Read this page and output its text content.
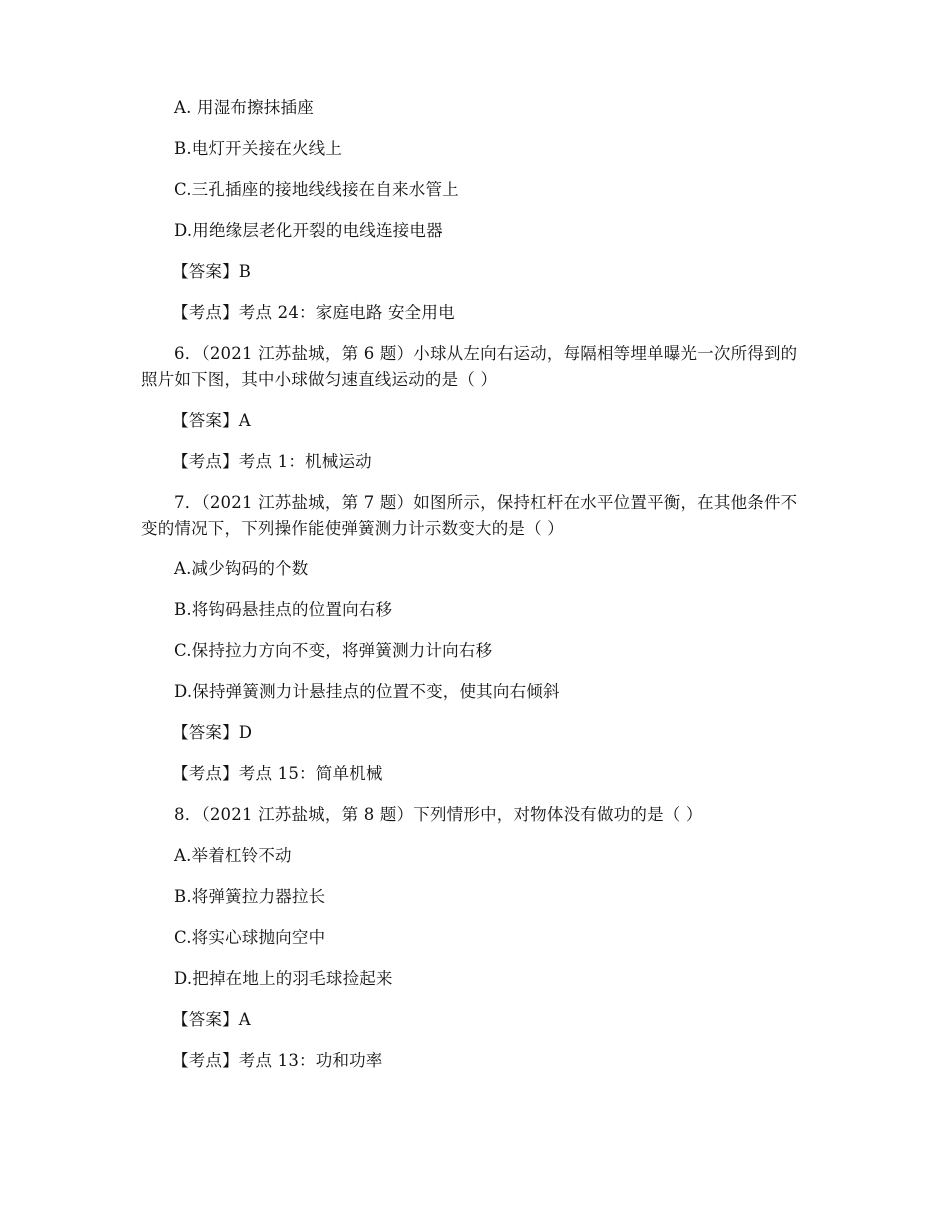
A. 用湿布擦抹插座
B.电灯开关接在火线上
C.三孔插座的接地线线接在自来水管上
D.用绝缘层老化开裂的电线连接电器
【答案】B
【考点】考点 24：家庭电路 安全用电
6．（2021 江苏盐城，第 6 题）小球从左向右运动，每隔相等埋单曝光一次所得到的
照片如下图，其中小球做匀速直线运动的是（ ）
【答案】A
【考点】考点 1：机械运动
7．（2021 江苏盐城，第 7 题）如图所示，保持杠杆在水平位置平衡，在其他条件不
变的情况下，下列操作能使弹簧测力计示数变大的是（ ）
A.减少钩码的个数
B.将钩码悬挂点的位置向右移
C.保持拉力方向不变，将弹簧测力计向右移
D.保持弹簧测力计悬挂点的位置不变，使其向右倾斜
【答案】D
【考点】考点 15：简单机械
8．（2021 江苏盐城，第 8 题）下列情形中，对物体没有做功的是（ ）
A.举着杠铃不动
B.将弹簧拉力器拉长
C.将实心球抛向空中
D.把掉在地上的羽毛球捡起来
【答案】A
【考点】考点 13：功和功率
